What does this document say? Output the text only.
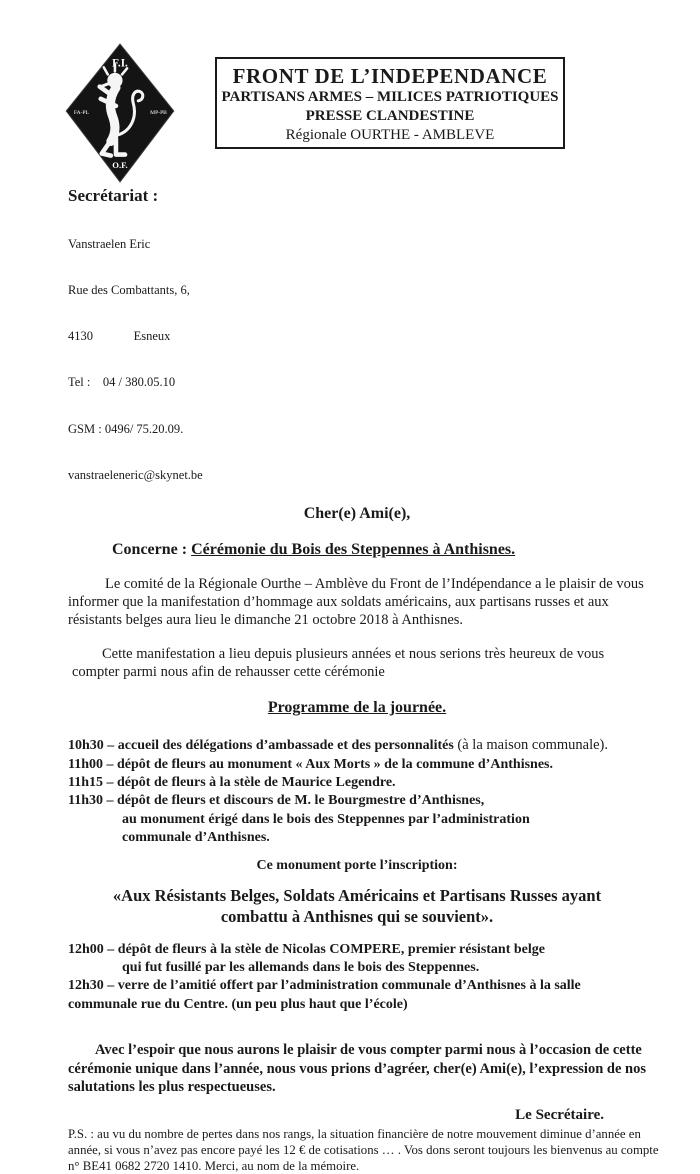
F.I.
FA-PL	MP-PB
O.F.
FRONT DE L’INDEPENDANCE
PARTISANS ARMES – MILICES PATRIOTIQUES
PRESSE CLANDESTINE
Régionale OURTHE - AMBLEVE
Secrétariat :

Vanstraelen Eric

Rue des Combattants, 6,

4130             Esneux

Tel :    04 / 380.05.10

GSM : 0496/ 75.20.09.

vanstraeleneric@skynet.be

Cher(e) Ami(e),
Concerne : Cérémonie du Bois des Steppennes à Anthisnes.

Le comité de la Régionale Ourthe – Amblève du Front de l’Indépendance a le plaisir de vous informer que la manifestation d’hommage aux soldats américains, aux partisans russes et aux résistants belges aura lieu le dimanche 21 octobre 2018 à Anthisnes.

Cette manifestation a lieu depuis plusieurs années et nous serions très heureux de vous compter parmi nous afin de rehausser cette cérémonie

Programme de la journée.
10h30 – accueil des délégations d’ambassade et des personnalités (à la maison communale).
11h00 – dépôt de fleurs au monument « Aux Morts » de la commune d’Anthisnes.
11h15 – dépôt de fleurs à la stèle de Maurice Legendre.
11h30 – dépôt de fleurs et discours de M. le Bourgmestre d’Anthisnes,
au monument érigé dans le bois des Steppennes par l’administration
communale d’Anthisnes.
Ce monument porte l’inscription:
«Aux Résistants Belges, Soldats Américains et Partisans Russes ayant
combattu à Anthisnes qui se souvient».
12h00 – dépôt de fleurs à la stèle de Nicolas COMPERE, premier résistant belge
qui fut fusillé par les allemands dans le bois des Steppennes.
12h30 – verre de l’amitié offert par l’administration communale d’Anthisnes à la salle
communale rue du Centre. (un peu plus haut que l’école)

Avec l’espoir que nous aurons le plaisir de vous compter parmi nous à l’occasion de cette cérémonie unique dans l’année, nous vous prions d’agréer, cher(e) Ami(e), l’expression de nos salutations les plus respectueuses.

Le Secrétaire.

P.S. : au vu du nombre de pertes dans nos rangs, la situation financière de notre mouvement diminue d’année en année, si vous n’avez pas encore payé les 12 € de cotisations … . Vos dons seront toujours les bienvenus au compte n° BE41 0682 2720 1410. Merci, au nom de la mémoire.
